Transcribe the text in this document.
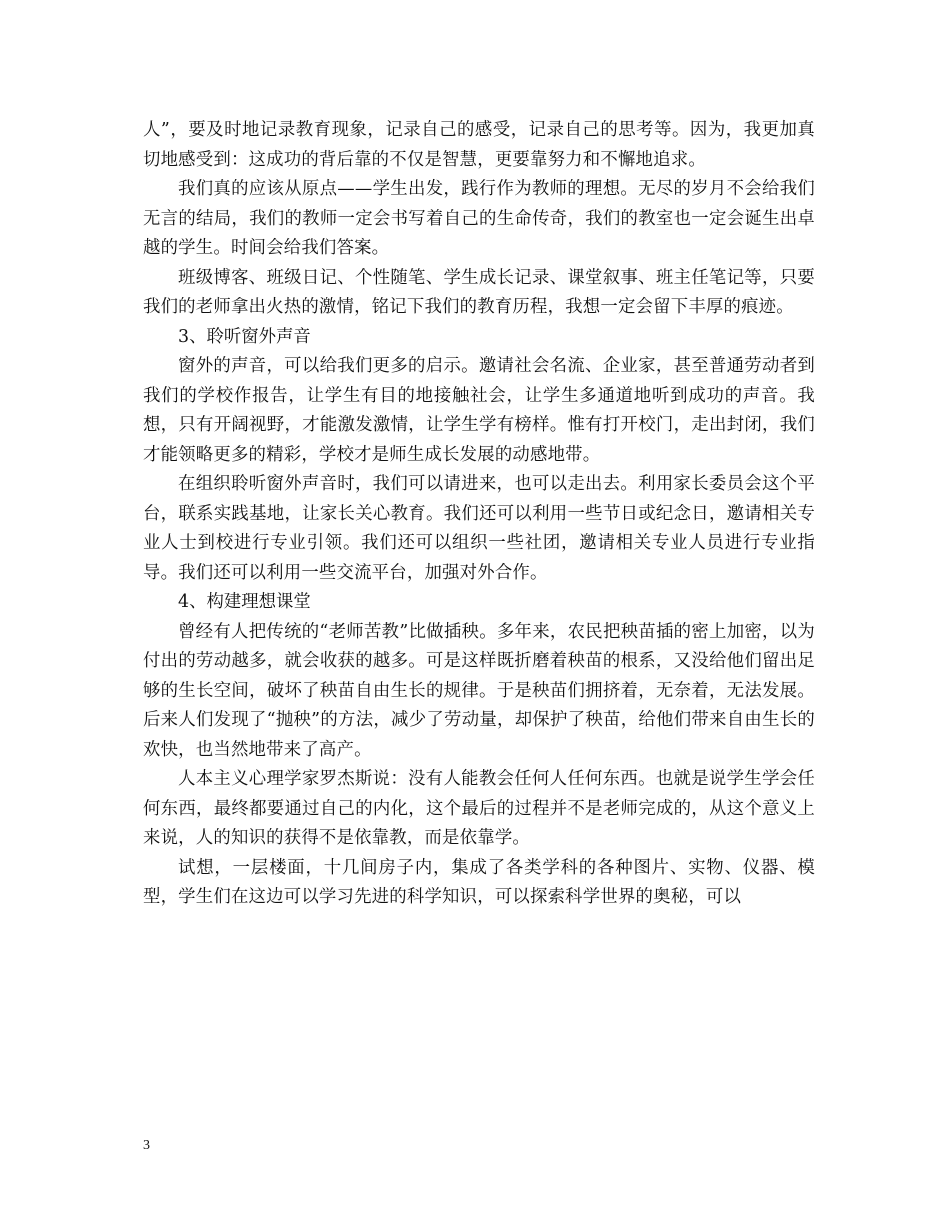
人”，要及时地记录教育现象，记录自己的感受，记录自己的思考等。因为，我更加真切地感受到：这成功的背后靠的不仅是智慧，更要靠努力和不懈地追求。

我们真的应该从原点——学生出发，践行作为教师的理想。无尽的岁月不会给我们无言的结局，我们的教师一定会书写着自己的生命传奇，我们的教室也一定会诞生出卓越的学生。时间会给我们答案。

班级博客、班级日记、个性随笔、学生成长记录、课堂叙事、班主任笔记等，只要我们的老师拿出火热的激情，铭记下我们的教育历程，我想一定会留下丰厚的痕迹。

3、聆听窗外声音

窗外的声音，可以给我们更多的启示。邀请社会名流、企业家，甚至普通劳动者到我们的学校作报告，让学生有目的地接触社会，让学生多通道地听到成功的声音。我想，只有开阔视野，才能激发激情，让学生学有榜样。惟有打开校门，走出封闭，我们才能领略更多的精彩，学校才是师生成长发展的动感地带。

在组织聆听窗外声音时，我们可以请进来，也可以走出去。利用家长委员会这个平台，联系实践基地，让家长关心教育。我们还可以利用一些节日或纪念日，邀请相关专业人士到校进行专业引领。我们还可以组织一些社团，邀请相关专业人员进行专业指导。我们还可以利用一些交流平台，加强对外合作。

4、构建理想课堂

曾经有人把传统的“老师苦教”比做插秧。多年来，农民把秧苗插的密上加密，以为付出的劳动越多，就会收获的越多。可是这样既折磨着秧苗的根系，又没给他们留出足够的生长空间，破坏了秧苗自由生长的规律。于是秧苗们拥挤着，无奈着，无法发展。后来人们发现了“抛秧”的方法，减少了劳动量，却保护了秧苗，给他们带来自由生长的欢快，也当然地带来了高产。

人本主义心理学家罗杰斯说：没有人能教会任何人任何东西。也就是说学生学会任何东西，最终都要通过自己的内化，这个最后的过程并不是老师完成的，从这个意义上来说，人的知识的获得不是依靠教，而是依靠学。

试想，一层楼面，十几间房子内，集成了各类学科的各种图片、实物、仪器、模型，学生们在这边可以学习先进的科学知识，可以探索科学世界的奥秘，可以

3
